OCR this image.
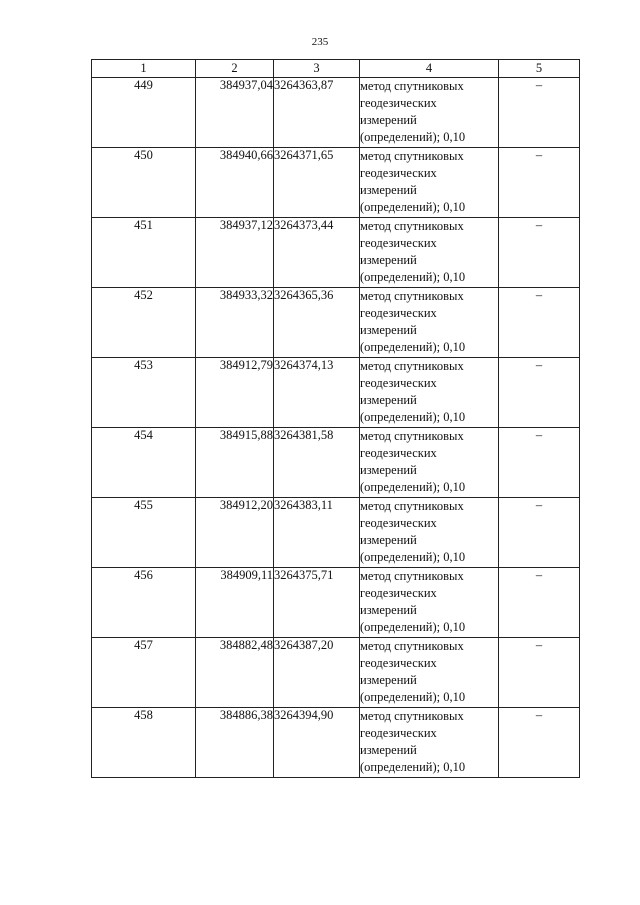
235
1	2	3	4	5
449	384937,04	3264363,87	метод спутниковых
геодезических
измерений
(определений); 0,10	–
450	384940,66	3264371,65	метод спутниковых
геодезических
измерений
(определений); 0,10	–
451	384937,12	3264373,44	метод спутниковых
геодезических
измерений
(определений); 0,10	–
452	384933,32	3264365,36	метод спутниковых
геодезических
измерений
(определений); 0,10	–
453	384912,79	3264374,13	метод спутниковых
геодезических
измерений
(определений); 0,10	–
454	384915,88	3264381,58	метод спутниковых
геодезических
измерений
(определений); 0,10	–
455	384912,20	3264383,11	метод спутниковых
геодезических
измерений
(определений); 0,10	–
456	384909,11	3264375,71	метод спутниковых
геодезических
измерений
(определений); 0,10	–
457	384882,48	3264387,20	метод спутниковых
геодезических
измерений
(определений); 0,10	–
458	384886,38	3264394,90	метод спутниковых
геодезических
измерений
(определений); 0,10	–
